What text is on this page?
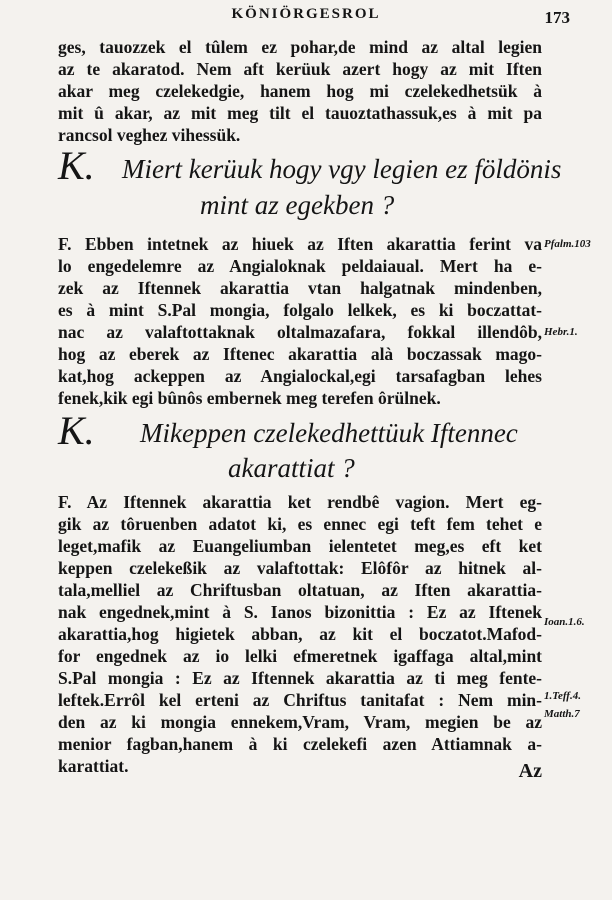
KÖNIÖRGESROL	173
ges, tauozzek el tûlem ez pohar,de mind az altal legien
az te akaratod. Nem aft kerüuk azert hogy az mit Iften
akar meg czelekedgie, hanem hog mi czelekedhetsük à
mit û akar, az mit meg tilt el tauoztathassuk,es à mit pa
rancsol veghez vihessük.
K. Miert kerüuk hogy vgy legien ez földönis
mint az egekben ?
F. Ebben intetnek az hiuek az Iften akarattia ferint va
lo engedelemre az Angialoknak peldaiaual. Mert ha e-
zek az Iftennek akarattia vtan halgatnak mindenben,
es à mint S.Pal mongia, folgalo lelkek, es ki boczattat-
nac az valaftottaknak oltalmazafara, fokkal illendôb,
hog az eberek az Iftenec akarattia alà boczassak mago-
kat,hog ackeppen az Angialockal,egi tarsafagban lehes
fenek,kik egi bûnôs embernek meg terefen ôrülnek.
K. Mikeppen czelekedhettüuk Iftennec
akarattiat ?
F. Az Iftennek akarattia ket rendbê vagion. Mert eg-
gik az tôruenben adatot ki, es ennec egi teft fem tehet e
leget,mafik az Euangeliumban ielentetet meg,es eft ket
keppen czelekeßik az valaftottak: Elôfôr az hitnek al-
tala,melliel az Chriftusban oltatuan, az Iften akarattia-
nak engednek,mint à S. Ianos bizonittia : Ez az Iftenek
akarattia,hog higietek abban, az kit el boczatot.Mafod-
for engednek az io lelki efmeretnek igaffaga altal,mint
S.Pal mongia : Ez az Iftennek akarattia az ti meg fente-
leftek.Errôl kel erteni az Chriftus tanitafat : Nem min-
den az ki mongia ennekem,Vram, Vram, megien be az
menior fagban,hanem à ki czelekefi azen Attiamnak a-
karattiat.
Pfalm.103
Hebr.1.
Ioan.1.6.
1.Teff.4.
Matth.7
Az
